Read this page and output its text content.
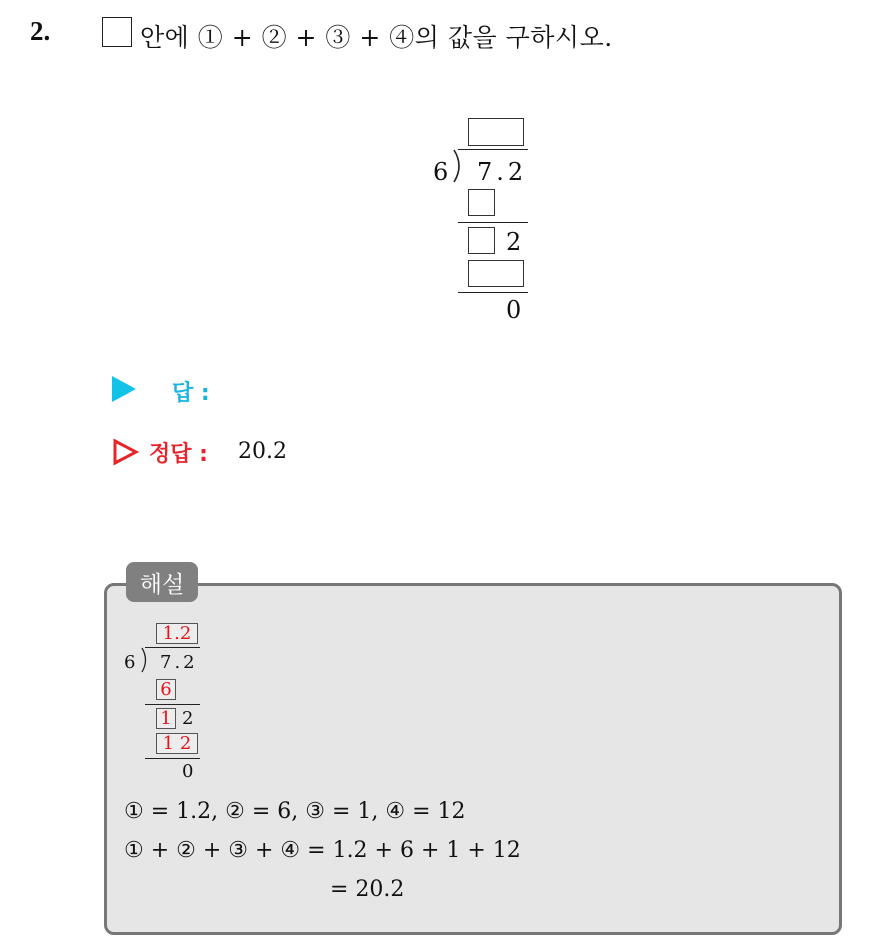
2.	안에 ① + ② + ③ + ④의 값을 구하시오.
6 7.2
2
0
답 :
정답 : 20.2
해설
1.2
6 7.2
6
1 2
1 2
0
① = 1.2, ② = 6, ③ = 1, ④ = 12
① + ② + ③ + ④ = 1.2 + 6 + 1 + 12
= 20.2
